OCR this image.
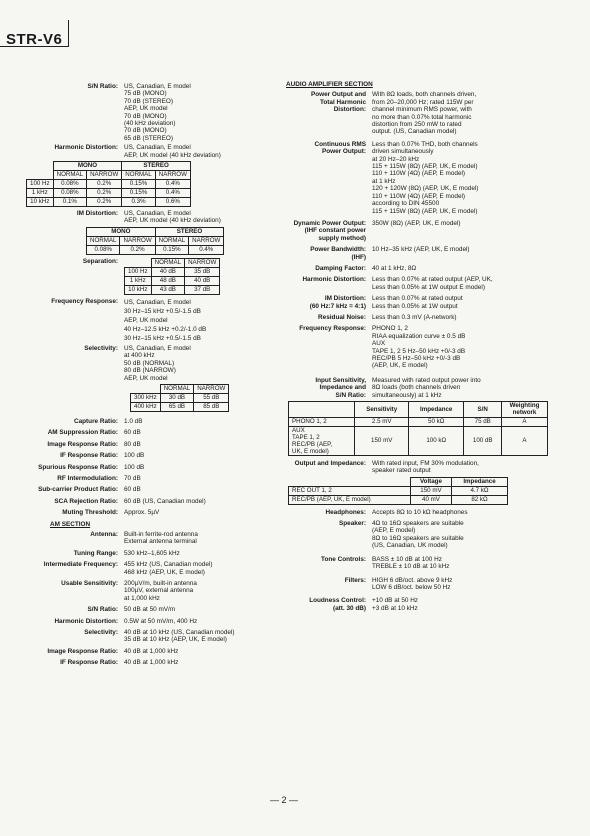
STR-V6
S/N Ratio: US, Canadian, E model
75 dB (MONO)
70 dB (STEREO)
AEP, UK model
70 dB (MONO)
(40 kHz deviation)
70 dB (MONO)
65 dB (STEREO)
Harmonic Distortion: US, Canadian, E model
AEP, UK model (40 kHz deviation)
	MONO		STEREO	
	NORMAL	NARROW	NORMAL	NARROW
100 Hz	0.08%	0.2%	0.15%	0.4%
1 kHz	0.08%	0.2%	0.15%	0.4%
10 kHz	0.1%	0.2%	0.3%	0.6%
IM Distortion: US, Canadian, E model
AEP, UK model (40 kHz deviation)
MONO		STEREO	
NORMAL	NARROW	NORMAL	NARROW
0.08%	0.2%	0.15%	0.4%
Separation:
		NORMAL	NARROW
100 Hz	40 dB	35 dB
1 kHz	48 dB	40 dB
10 kHz	43 dB	37 dB
Frequency Response: US, Canadian, E model
30 Hz–15 kHz +0.5/-1.5 dB
AEP, UK model
40 Hz–12.5 kHz +0.2/-1.0 dB
30 Hz–15 kHz +0.5/-1.5 dB
Selectivity: US, Canadian, E model
at 400 kHz
50 dB (NORMAL)
80 dB (NARROW)
AEP, UK model
	NORMAL	NARROW
300 kHz	30 dB	55 dB
400 kHz	65 dB	85 dB
Capture Ratio: 1.0 dB
AM Suppression Ratio: 60 dB
Image Response Ratio: 80 dB
IF Response Ratio: 100 dB
Spurious Response Ratio: 100 dB
RF Intermodulation: 70 dB
Sub-carrier Product Ratio: 60 dB
SCA Rejection Ratio: 60 dB (US, Canadian model)
Muting Threshold: Approx. 5µV
AM SECTION
Antenna: Built-in ferrite-rod antenna
External antenna terminal
Tuning Range: 530 kHz–1,605 kHz
Intermediate Frequency: 455 kHz (US, Canadian model)
468 kHz (AEP, UK, E model)
Usable Sensitivity: 200µV/m, built-in antenna
100µV, external antenna
at 1,000 kHz
S/N Ratio: 50 dB at 50 mV/m
Harmonic Distortion: 0.5W at 50 mV/m, 400 Hz
Selectivity: 40 dB at 10 kHz (US, Canadian model)
35 dB at 10 kHz (AEP, UK, E model)
Image Response Ratio: 40 dB at 1,000 kHz
IF Response Ratio: 40 dB at 1,000 kHz
AUDIO AMPLIFIER SECTION
Power Output and
Total Harmonic
Distortion:
With 8Ω loads, both channels driven,
from 20–20,000 Hz; rated 115W per
channel minimum RMS power, with
no more than 0.07% total harmonic
distortion from 250 mW to rated
output. (US, Canadian model)
Continuous RMS
Power Output:
Less than 0.07% THD, both channels
driven simultaneously
at 20 Hz–20 kHz
115 + 115W (8Ω) (AEP, UK, E model)
110 + 110W (4Ω) (AEP, E model)
at 1 kHz
120 + 120W (8Ω) (AEP, UK, E model)
110 + 110W (4Ω) (AEP, E model)
according to DIN 45500
115 + 115W (8Ω) (AEP, UK, E model)
Dynamic Power Output:
(IHF constant power
supply method)
350W (8Ω) (AEP, UK, E model)
Power Bandwidth:
(IHF)
10 Hz–35 kHz (AEP, UK, E model)
Damping Factor: 40 at 1 kHz, 8Ω
Harmonic Distortion: Less than 0.07% at rated output (AEP, UK,
Less than 0.05% at 1W output E model)
IM Distortion:
(60 Hz:7 kHz = 4:1)
Less than 0.07% at rated output
Less than 0.05% at 1W output
Residual Noise: Less than 0.3 mV (A-network)
Frequency Response: PHONO 1, 2
RIAA equalization curve ± 0.5 dB
AUX
TAPE 1, 2 5 Hz–50 kHz +0/-3 dB
REC/PB 5 Hz–50 kHz +0/-3 dB
(AEP, UK, E model)
Input Sensitivity,
Impedance and
S/N Ratio:
Measured with rated output power into
8Ω loads (both channels driven
simultaneously) at 1 kHz
	Sensitivity	Impedance	S/N	Weighting network
PHONO 1, 2	2.5 mV	50 kΩ	75 dB	A
AUX
TAPE 1, 2
REC/PB (AEP,
UK, E model)	150 mV	100 kΩ	100 dB	A
Output and Impedance: With rated input, FM 30% modulation,
speaker rated output
	Voltage	Impedance
REC OUT 1, 2	150 mV	4.7 kΩ
REC/PB (AEP, UK, E model)	40 mV	82 kΩ
Headphones: Accepts 8Ω to 10 kΩ headphones
Speaker: 4Ω to 16Ω speakers are suitable
(AEP, E model)
8Ω to 16Ω speakers are suitable
(US, Canadian, UK model)
Tone Controls: BASS ± 10 dB at 100 Hz
TREBLE ± 10 dB at 10 kHz
Filters: HIGH 6 dB/oct. above 9 kHz
LOW 6 dB/oct. below 50 Hz
Loudness Control:
(att. 30 dB)
+10 dB at 50 Hz
+3 dB at 10 kHz
— 2 —
